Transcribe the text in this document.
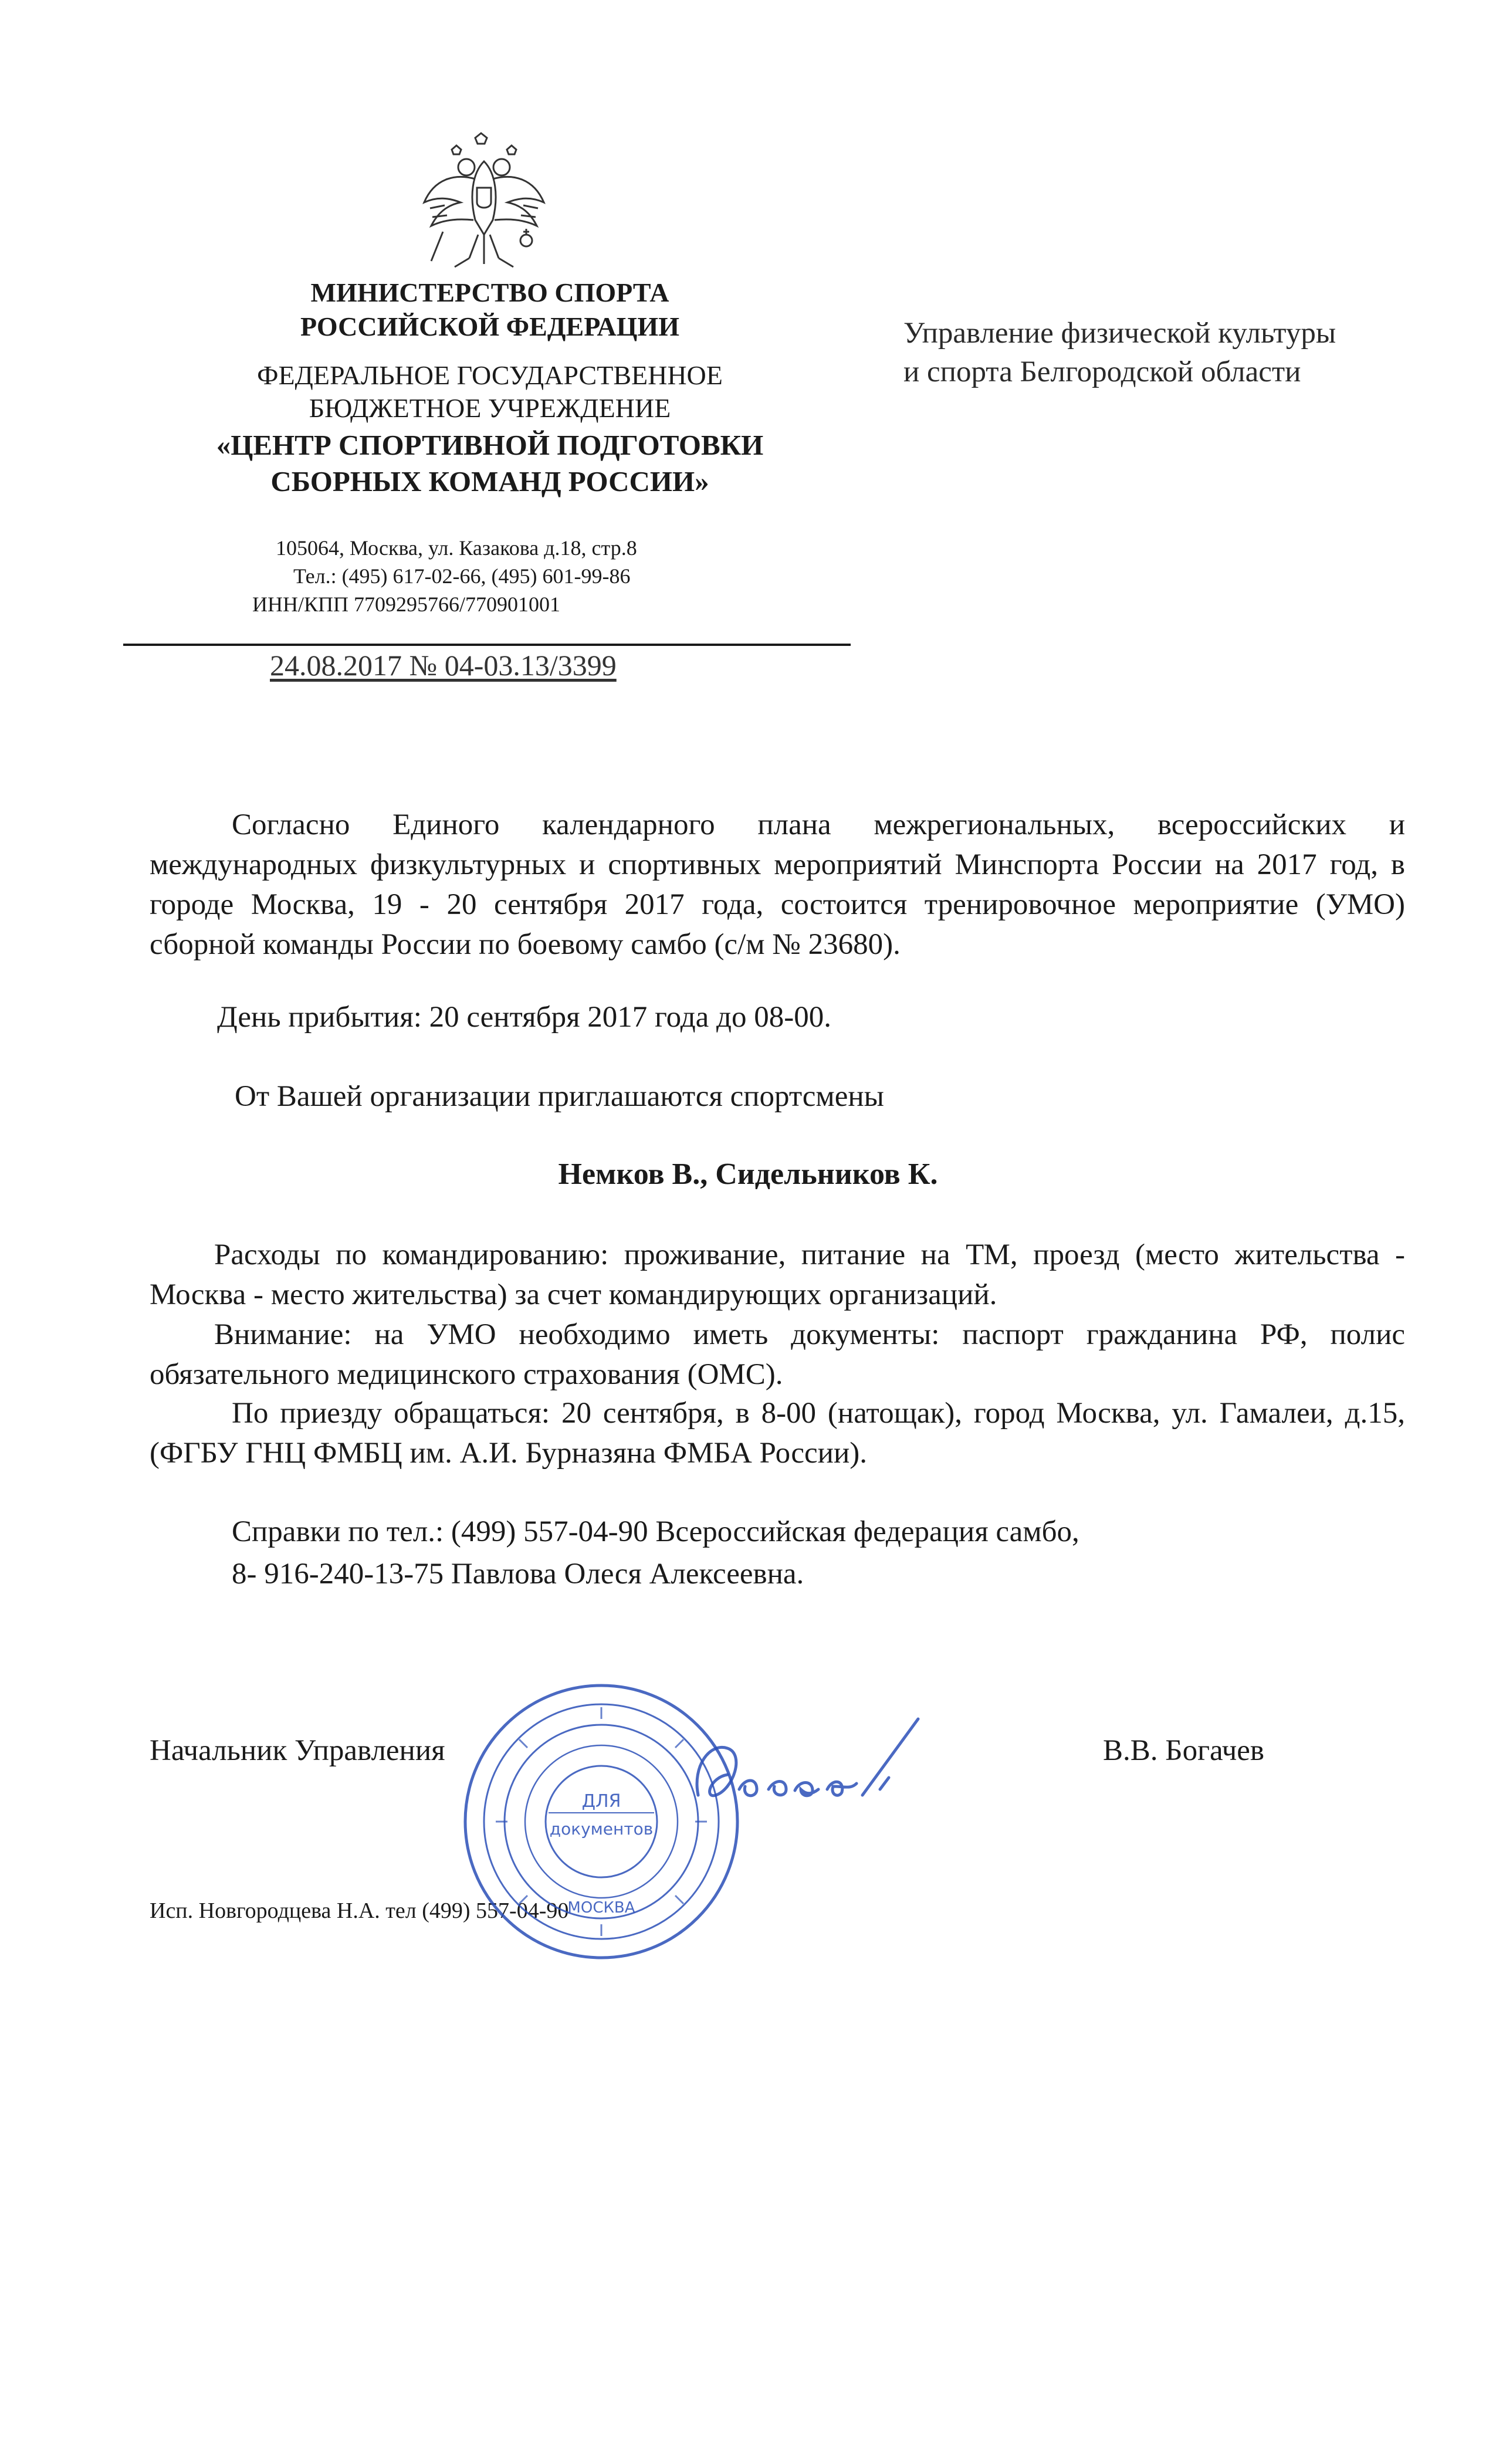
МИНИСТЕРСТВО СПОРТА
РОССИЙСКОЙ ФЕДЕРАЦИИ
ФЕДЕРАЛЬНОЕ ГОСУДАРСТВЕННОЕ
БЮДЖЕТНОЕ УЧРЕЖДЕНИЕ
«ЦЕНТР СПОРТИВНОЙ ПОДГОТОВКИ
СБОРНЫХ КОМАНД РОССИИ»
105064, Москва, ул. Казакова д.18, стр.8
Тел.: (495) 617-02-66, (495) 601-99-86
ИНН/КПП 7709295766/770901001
24.08.2017 № 04-03.13/3399
Управление физической культуры
и спорта Белгородской области
Согласно Единого календарного плана межрегиональных, всероссийских и международных физкультурных и спортивных мероприятий Минспорта России на 2017 год, в городе Москва, 19 - 20 сентября 2017 года, состоится тренировочное мероприятие (УМО) сборной команды России по боевому самбо (с/м № 23680).
День прибытия: 20 сентября 2017 года до 08-00.
От Вашей организации приглашаются спортсмены
Немков В., Сидельников К.
Расходы по командированию: проживание, питание на ТМ, проезд (место жительства - Москва - место жительства) за счет командирующих организаций.
Внимание: на УМО необходимо иметь документы: паспорт гражданина РФ, полис обязательного медицинского страхования (ОМС).
По приезду обращаться: 20 сентября, в 8-00 (натощак), город Москва, ул. Гамалеи, д.15, (ФГБУ ГНЦ ФМБЦ им. А.И. Бурназяна ФМБА России).
Справки по тел.: (499) 557-04-90 Всероссийская федерация самбо,
8- 916-240-13-75 Павлова Олеся Алексеевна.
Начальник Управления	В.В. Богачев
Исп. Новгородцева Н.А. тел (499) 557-04-90
ДЛЯ
документов
МОСКВА
